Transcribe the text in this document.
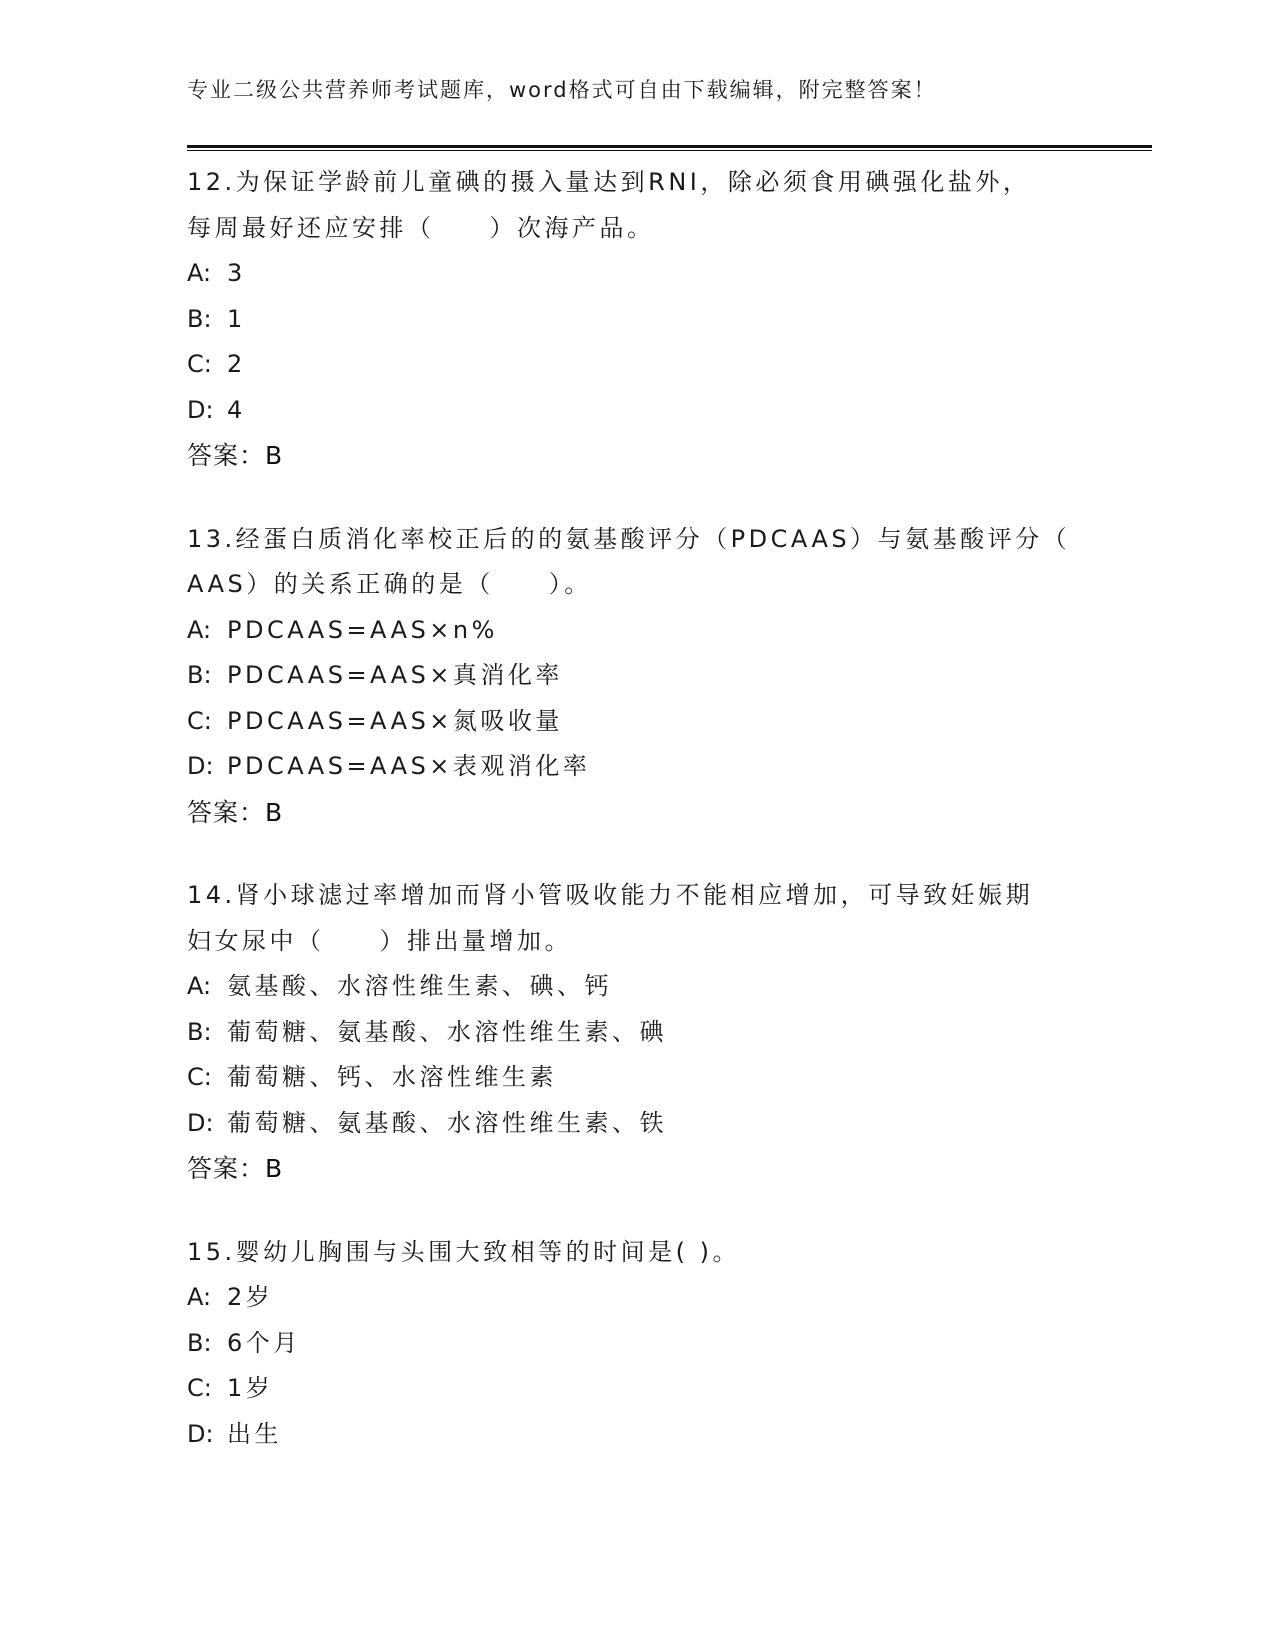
专业二级公共营养师考试题库，word格式可自由下载编辑，附完整答案！
12.为保证学龄前儿童碘的摄入量达到RNI，除必须食用碘强化盐外，
每周最好还应安排（　　）次海产品。
A: 3
B: 1
C: 2
D: 4
答案：B
13.经蛋白质消化率校正后的的氨基酸评分（PDCAAS）与氨基酸评分（
AAS）的关系正确的是（　　）。
A: PDCAAS=AAS×n%
B: PDCAAS=AAS×真消化率
C: PDCAAS=AAS×氮吸收量
D: PDCAAS=AAS×表观消化率
答案：B
14.肾小球滤过率增加而肾小管吸收能力不能相应增加，可导致妊娠期
妇女尿中（　　）排出量增加。
A: 氨基酸、水溶性维生素、碘、钙
B: 葡萄糖、氨基酸、水溶性维生素、碘
C: 葡萄糖、钙、水溶性维生素
D: 葡萄糖、氨基酸、水溶性维生素、铁
答案：B
15.婴幼儿胸围与头围大致相等的时间是( )。
A: 2岁
B: 6个月
C: 1岁
D: 出生
